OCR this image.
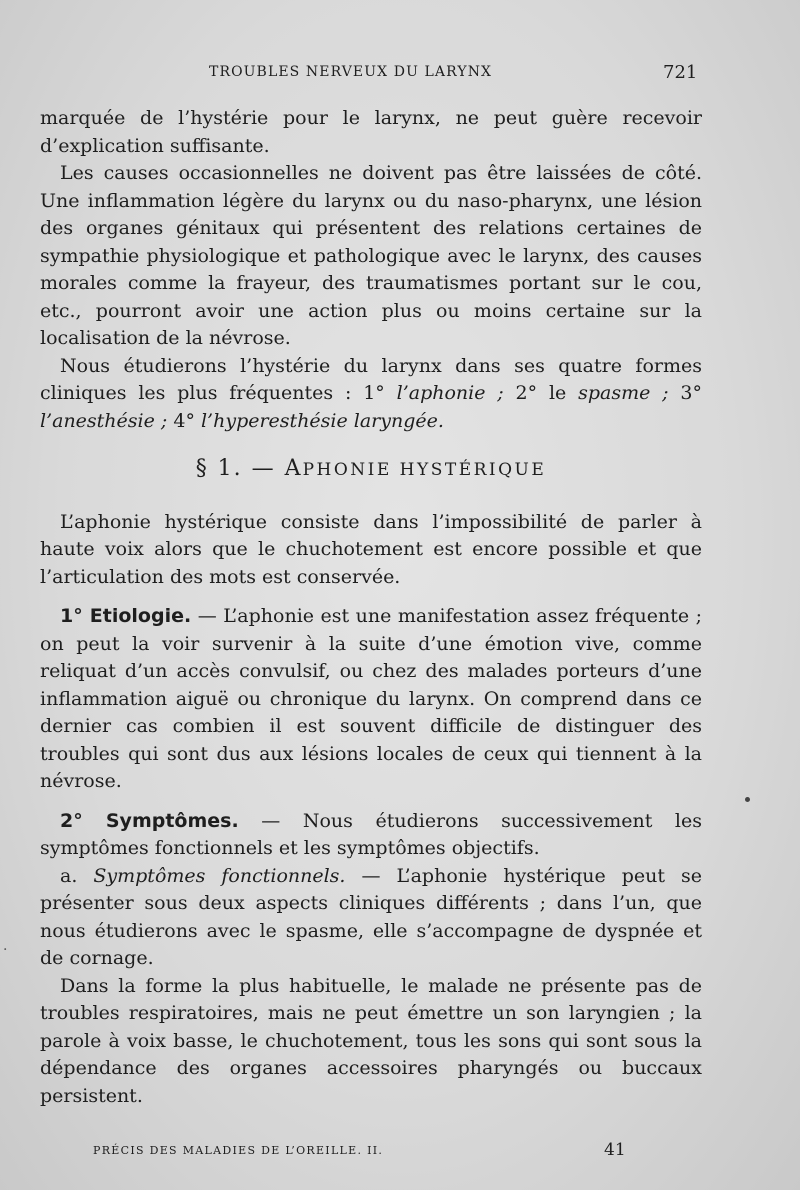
TROUBLES NERVEUX DU LARYNX	721

marquée de l’hystérie pour le larynx, ne peut guère recevoir d’explication suffisante.

Les causes occasionnelles ne doivent pas être laissées de côté. Une inflammation légère du larynx ou du naso-pharynx, une lésion des organes génitaux qui présentent des relations certaines de sympathie physiologique et pathologique avec le larynx, des causes morales comme la frayeur, des traumatismes portant sur le cou, etc., pourront avoir une action plus ou moins certaine sur la localisation de la névrose.

Nous étudierons l’hystérie du larynx dans ses quatre formes cliniques les plus fréquentes : 1° l’aphonie ; 2° le spasme ; 3° l’anesthésie ; 4° l’hyperesthésie laryngée.

§ 1. — APHONIE HYSTÉRIQUE

L’aphonie hystérique consiste dans l’impossibilité de parler à haute voix alors que le chuchotement est encore possible et que l’articulation des mots est conservée.

1° Etiologie. — L’aphonie est une manifestation assez fréquente ; on peut la voir survenir à la suite d’une émotion vive, comme reliquat d’un accès convulsif, ou chez des malades porteurs d’une inflammation aiguë ou chronique du larynx. On comprend dans ce dernier cas combien il est souvent difficile de distinguer des troubles qui sont dus aux lésions locales de ceux qui tiennent à la névrose.

2° Symptômes. — Nous étudierons successivement les symptômes fonctionnels et les symptômes objectifs.

a. Symptômes fonctionnels. — L’aphonie hystérique peut se présenter sous deux aspects cliniques différents ; dans l’un, que nous étudierons avec le spasme, elle s’accompagne de dyspnée et de cornage.

Dans la forme la plus habituelle, le malade ne présente pas de troubles respiratoires, mais ne peut émettre un son laryngien ; la parole à voix basse, le chuchotement, tous les sons qui sont sous la dépendance des organes accessoires pharyngés ou buccaux persistent.

PRÉCIS DES MALADIES DE L’OREILLE. II.	41
·
